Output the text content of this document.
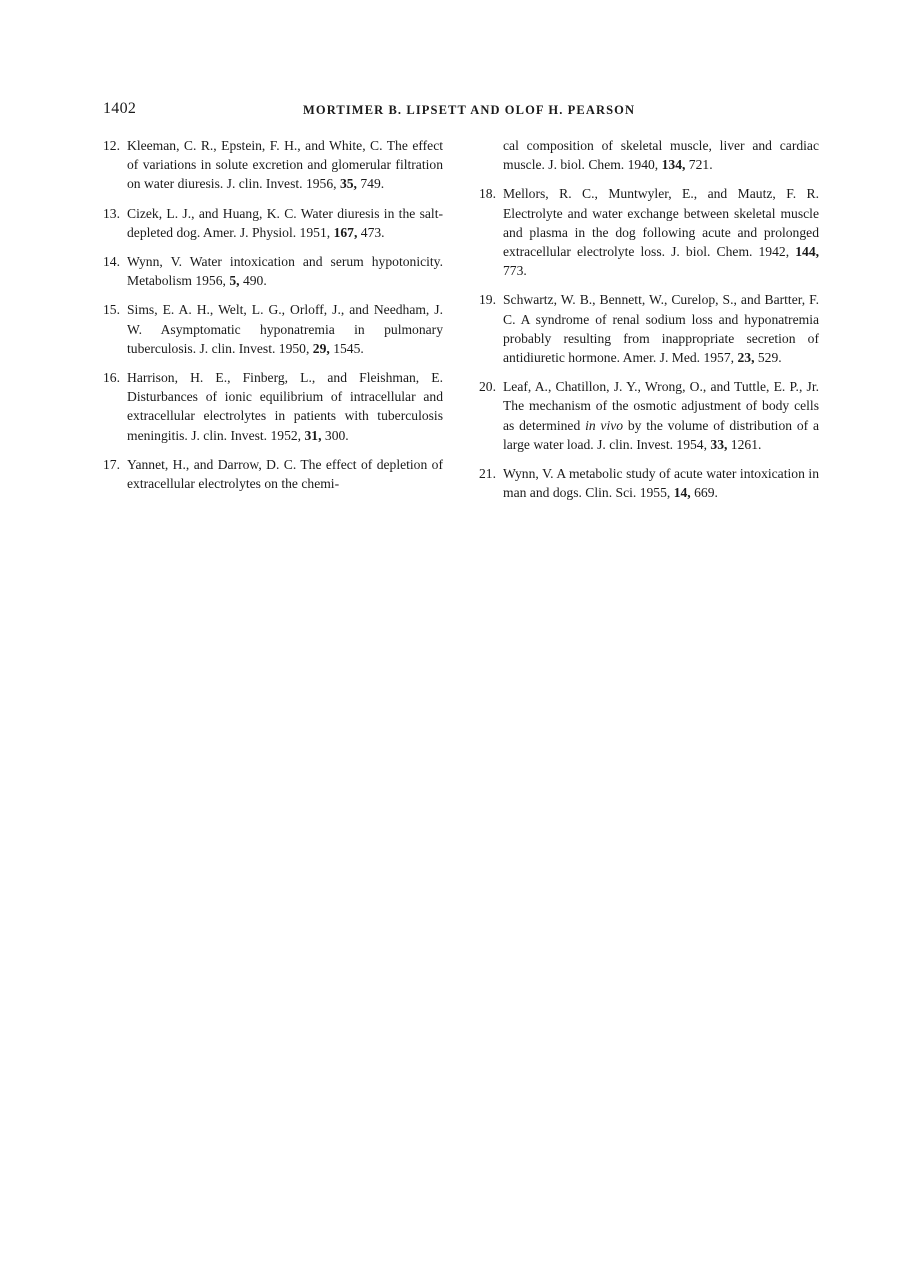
1402	MORTIMER B. LIPSETT AND OLOF H. PEARSON
12. Kleeman, C. R., Epstein, F. H., and White, C. The effect of variations in solute excretion and glomerular filtration on water diuresis. J. clin. Invest. 1956, 35, 749.
13. Cizek, L. J., and Huang, K. C. Water diuresis in the salt-depleted dog. Amer. J. Physiol. 1951, 167, 473.
14. Wynn, V. Water intoxication and serum hypotonicity. Metabolism 1956, 5, 490.
15. Sims, E. A. H., Welt, L. G., Orloff, J., and Needham, J. W. Asymptomatic hyponatremia in pulmonary tuberculosis. J. clin. Invest. 1950, 29, 1545.
16. Harrison, H. E., Finberg, L., and Fleishman, E. Disturbances of ionic equilibrium of intracellular and extracellular electrolytes in patients with tuberculosis meningitis. J. clin. Invest. 1952, 31, 300.
17. Yannet, H., and Darrow, D. C. The effect of depletion of extracellular electrolytes on the chemi-
cal composition of skeletal muscle, liver and cardiac muscle. J. biol. Chem. 1940, 134, 721.
18. Mellors, R. C., Muntwyler, E., and Mautz, F. R. Electrolyte and water exchange between skeletal muscle and plasma in the dog following acute and prolonged extracellular electrolyte loss. J. biol. Chem. 1942, 144, 773.
19. Schwartz, W. B., Bennett, W., Curelop, S., and Bartter, F. C. A syndrome of renal sodium loss and hyponatremia probably resulting from inappropriate secretion of antidiuretic hormone. Amer. J. Med. 1957, 23, 529.
20. Leaf, A., Chatillon, J. Y., Wrong, O., and Tuttle, E. P., Jr. The mechanism of the osmotic adjustment of body cells as determined in vivo by the volume of distribution of a large water load. J. clin. Invest. 1954, 33, 1261.
21. Wynn, V. A metabolic study of acute water intoxication in man and dogs. Clin. Sci. 1955, 14, 669.
